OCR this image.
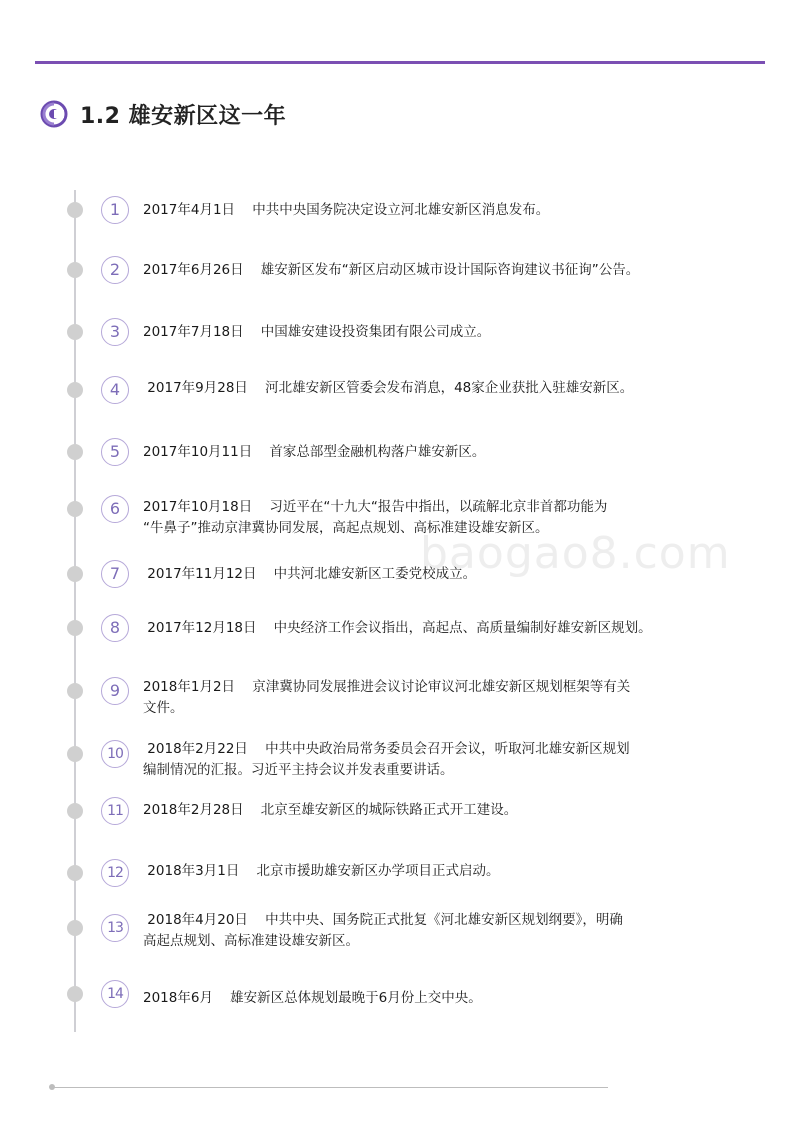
1.2 雄安新区这一年
baogao8.com
1	2017年4月1日    中共中央国务院决定设立河北雄安新区消息发布。
2	2017年6月26日    雄安新区发布“新区启动区城市设计国际咨询建议书征询”公告。
3	2017年7月18日    中国雄安建设投资集团有限公司成立。
4	2017年9月28日    河北雄安新区管委会发布消息，48家企业获批入驻雄安新区。
5	2017年10月11日    首家总部型金融机构落户雄安新区。
6	2017年10月18日    习近平在“十九大“报告中指出，以疏解北京非首都功能为
“牛鼻子”推动京津冀协同发展，高起点规划、高标准建设雄安新区。
7	2017年11月12日    中共河北雄安新区工委党校成立。
8	2017年12月18日    中央经济工作会议指出，高起点、高质量编制好雄安新区规划。
9	2018年1月2日    京津冀协同发展推进会议讨论审议河北雄安新区规划框架等有关
文件。
10	2018年2月22日    中共中央政治局常务委员会召开会议，听取河北雄安新区规划
编制情况的汇报。习近平主持会议并发表重要讲话。
11	2018年2月28日    北京至雄安新区的城际铁路正式开工建设。
12	2018年3月1日    北京市援助雄安新区办学项目正式启动。
13	2018年4月20日    中共中央、国务院正式批复《河北雄安新区规划纲要》，明确
高起点规划、高标准建设雄安新区。
14	2018年6月    雄安新区总体规划最晚于6月份上交中央。
